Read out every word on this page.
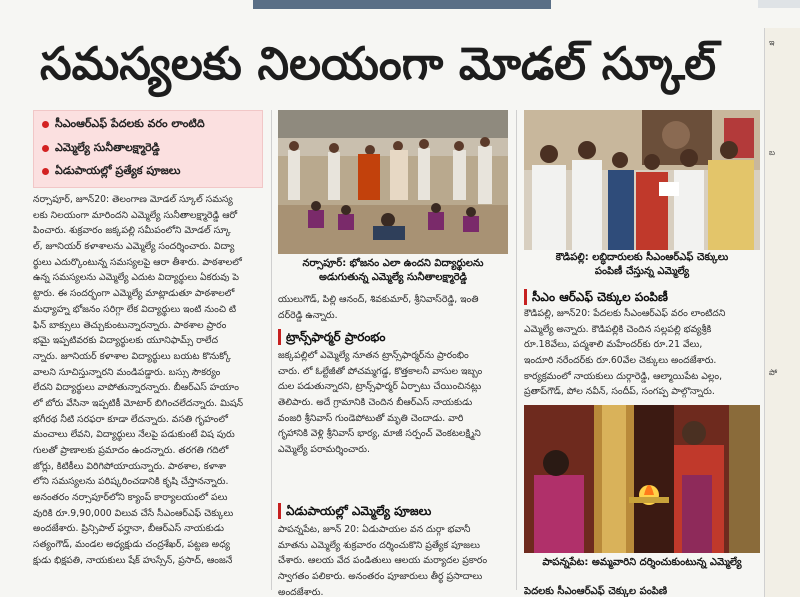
సమస్యలకు నిలయంగా మోడల్ స్కూల్
సీఎంఆర్ఎఫ్ పేదలకు వరం లాంటిది
ఎమ్మెల్యే సునీతాలక్ష్మారెడ్డి
ఏడుపాయల్లో ప్రత్యేక పూజలు
నర్సాపూర్, జూన్20: తెలంగాణ మోడల్ స్కూల్ సమస్య
లకు నిలయంగా మారిందని ఎమ్మెల్యే సునీతాలక్ష్మారెడ్డి ఆరో
పించారు. శుక్రవారం జక్కపల్లి సమీపంలోని మోడల్ స్కూ
ల్, జూనియర్ కళాశాలను ఎమ్మెల్యే సందర్శించారు. విద్యా
ర్థులు ఎదుర్కొంటున్న సమస్యలపై ఆరా తీశారు. పాఠశాలలో
ఉన్న సమస్యలను ఎమ్మెల్యే ఎదుట విద్యార్థులు ఏకరువు పె
ట్టారు. ఈ సందర్భంగా ఎమ్మెల్యే మాట్లాడుతూ పాఠశాలలో
మధ్యాహ్న భోజనం సరిగ్గా లేక విద్యార్థులు ఇంటి నుంచి టి
ఫిన్ బాక్సులు తెచ్చుకుంటున్నారన్నారు. పాఠశాల ప్రారం
భమై ఇప్పటివరకు విద్యార్థులకు యూనిఫామ్స్ రాలేద
న్నారు. జూనియర్ కళాశాల విద్యార్థులు బయట కొనుక్కో
వాలని సూచిస్తున్నారని మండిపడ్డారు. బస్సు సౌకర్యం
లేదని విద్యార్థులు వాపోతున్నారన్నారు. బీఆర్ఎస్ హయాం
లో బోరు వేసినా ఇప్పటికీ మోటార్ బిగించలేదన్నారు. మిషన్
భగీరథ నీటి సరఫరా కూడా లేదన్నారు. వసతి గృహంలో
మంచాలు లేవని, విద్యార్థులు నేలపై పడుకుంటే విష పురు
గులతో ప్రాణాలకు ప్రమాదం ఉందన్నారు. తరగతి గదిలో
జోర్లు, కిటికీలు విరిగిపోయాయన్నారు. పాఠశాల, కళాశా
లోని సమస్యలను పరిష్కరించడానికి కృషి చేస్తానన్నారు.
అనంతరం నర్సాపూర్‌లోని క్యాంప్ కార్యాలయంలో పలు
వురికి రూ.9,90,000 విలువ చేసే సీఎంఆర్ఎఫ్ చెక్కులు
అందజేశారు. ప్రిన్సిపాల్ ఫర్హానా, బీఆర్ఎస్ నాయకుడు
సత్యంగౌడ్, మండల అధ్యక్షుడు చంద్రశేఖర్, పట్టణ అధ్య
క్షుడు భిక్షపతి, నాయకులు షేక్ హుస్సేన్, ప్రసాద్, ఆంజనే
నర్సాపూర్: భోజనం ఎలా ఉందని విద్యార్థులను
అడుగుతున్న ఎమ్మెల్యే సునీతాలక్ష్మారెడ్డి
యులుగౌడ్, పిల్లి ఆనంద్, శివకుమార్, శ్రీనివాస్‌రెడ్డి, ఇంతి
దర్‌రెడ్డి ఉన్నారు.
ట్రాన్స్‌ఫార్మర్ ప్రారంభం
జక్కపల్లిలో ఎమ్మెల్యే నూతన ట్రాన్స్‌ఫార్మర్‌ను ప్రారంభిం
చారు. లో ఓల్టేజీతో పోచమ్మగడ్డ, కొత్తకాలనీ వాసుల ఇబ్బం
దుల పడుతున్నారని, ట్రాన్స్‌ఫార్మర్ ఏర్పాటు చేయించినట్లు
తెలిపారు. అదే గ్రామానికి చెందిన బీఆర్ఎస్ నాయకుడు
వంజరి శ్రీనివాస్ గుండెపోటుతో మృతి చెందాడు. వారి
గృహానికి వెళ్లి శ్రీనివాస్ భార్య, మాజీ సర్పంచ్ వెంకటలక్ష్మిని
ఎమ్మెల్యే పరామర్శించారు.
ఏడుపాయల్లో ఎమ్మెల్యే పూజలు
పాపన్నపేట, జూన్ 20: ఏడుపాయల వన దుర్గా భవానీ
మాతను ఎమ్మెల్యే శుక్రవారం దర్శించుకొని ప్రత్యేక పూజలు
చేశారు. ఆలయ వేద పండితులు ఆలయ మర్యాదల ప్రకారం
స్వాగతం పలికారు. అనంతరం పూజారులు తీర్థ ప్రసాదాలు
అందజేశారు.
కౌడిపల్లి: లబ్ధిదారులకు సీఎంఆర్ఎఫ్ చెక్కులు
పంపిణీ చేస్తున్న ఎమ్మెల్యే
సీఎం ఆర్ఎఫ్ చెక్కుల పంపిణీ
కౌడిపల్లి, జూన్20: పేదలకు సీఎంఆర్ఎఫ్ వరం లాంటిదని
ఎమ్మెల్యే అన్నారు. కౌడిపల్లికి చెందిన సల్లపల్లి భవ్యశ్రీకి
రూ.18వేలు, పద్మశాలి మహేందర్‌కు రూ.21 వేలు,
ఇందూరి నరేందర్‌కు రూ.60వేల చెక్కులు అందజేశారు.
కార్యక్రమంలో నాయకులు దుర్గారెడ్డి, ఆల్మాయిపేట ఎల్లం,
ప్రతాప్‌గౌడ్, పోల నవీన్, సందీప్, సంగప్ప పాల్గొన్నారు.
పాపన్నపేట: అమ్మవారిని దర్శించుకుంటున్న ఎమ్మెల్యే
పెదలకు సీఎంఆర్ఎఫ్ చెక్కుల పంపిణి
ఇ
బ
పో
